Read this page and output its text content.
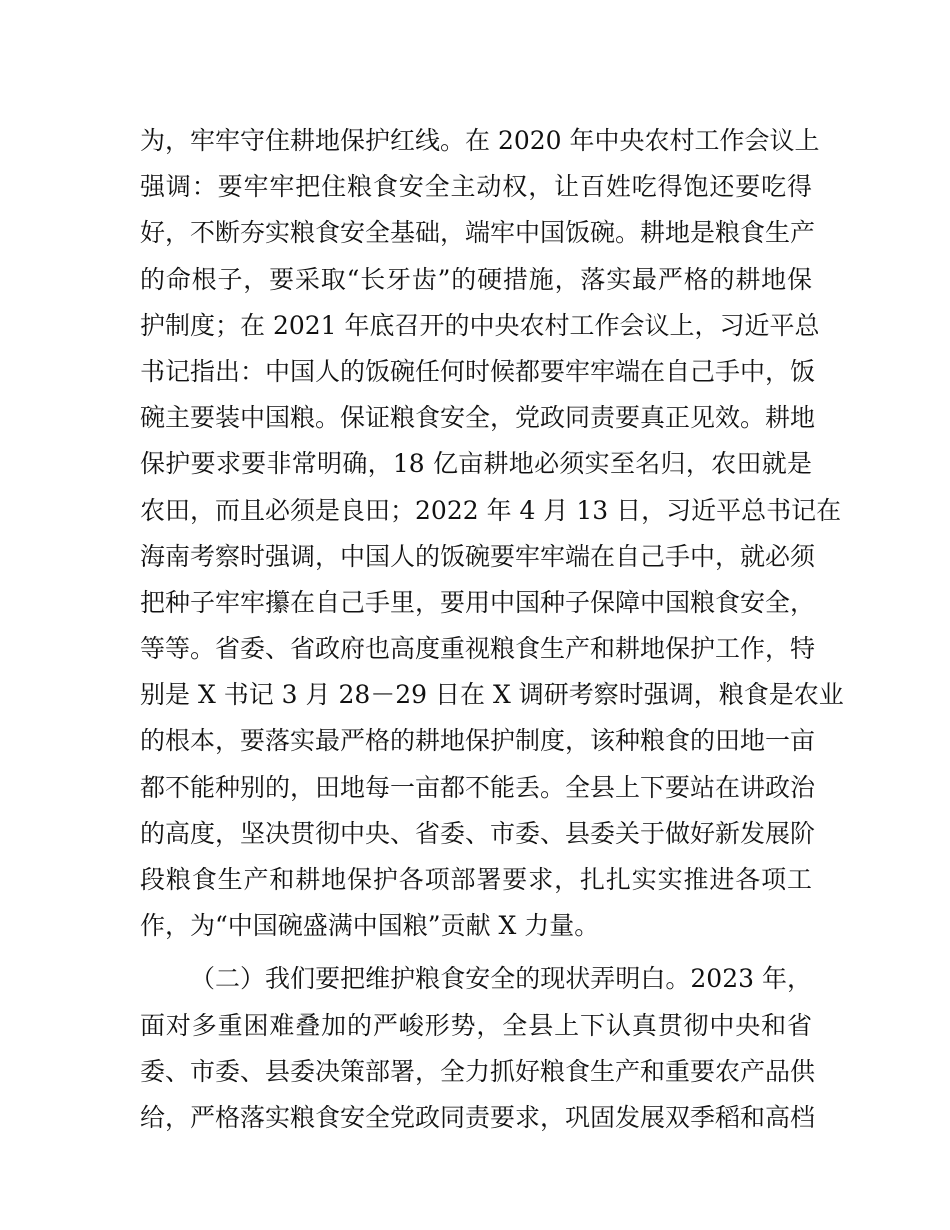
为，牢牢守住耕地保护红线。在 2020 年中央农村工作会议上
强调：要牢牢把住粮食安全主动权，让百姓吃得饱还要吃得
好，不断夯实粮食安全基础，端牢中国饭碗。耕地是粮食生产
的命根子，要采取“长牙齿”的硬措施，落实最严格的耕地保
护制度；在 2021 年底召开的中央农村工作会议上，习近平总
书记指出：中国人的饭碗任何时候都要牢牢端在自己手中，饭
碗主要装中国粮。保证粮食安全，党政同责要真正见效。耕地
保护要求要非常明确，18 亿亩耕地必须实至名归，农田就是
农田，而且必须是良田；2022 年 4 月 13 日，习近平总书记在
海南考察时强调，中国人的饭碗要牢牢端在自己手中，就必须
把种子牢牢攥在自己手里，要用中国种子保障中国粮食安全，
等等。省委、省政府也高度重视粮食生产和耕地保护工作，特
别是 X 书记 3 月 28－29 日在 X 调研考察时强调，粮食是农业
的根本，要落实最严格的耕地保护制度，该种粮食的田地一亩
都不能种别的，田地每一亩都不能丢。全县上下要站在讲政治
的高度，坚决贯彻中央、省委、市委、县委关于做好新发展阶
段粮食生产和耕地保护各项部署要求，扎扎实实推进各项工
作，为“中国碗盛满中国粮”贡献 X 力量。
（二）我们要把维护粮食安全的现状弄明白。2023 年，
面对多重困难叠加的严峻形势，全县上下认真贯彻中央和省
委、市委、县委决策部署，全力抓好粮食生产和重要农产品供
给，严格落实粮食安全党政同责要求，巩固发展双季稻和高档
